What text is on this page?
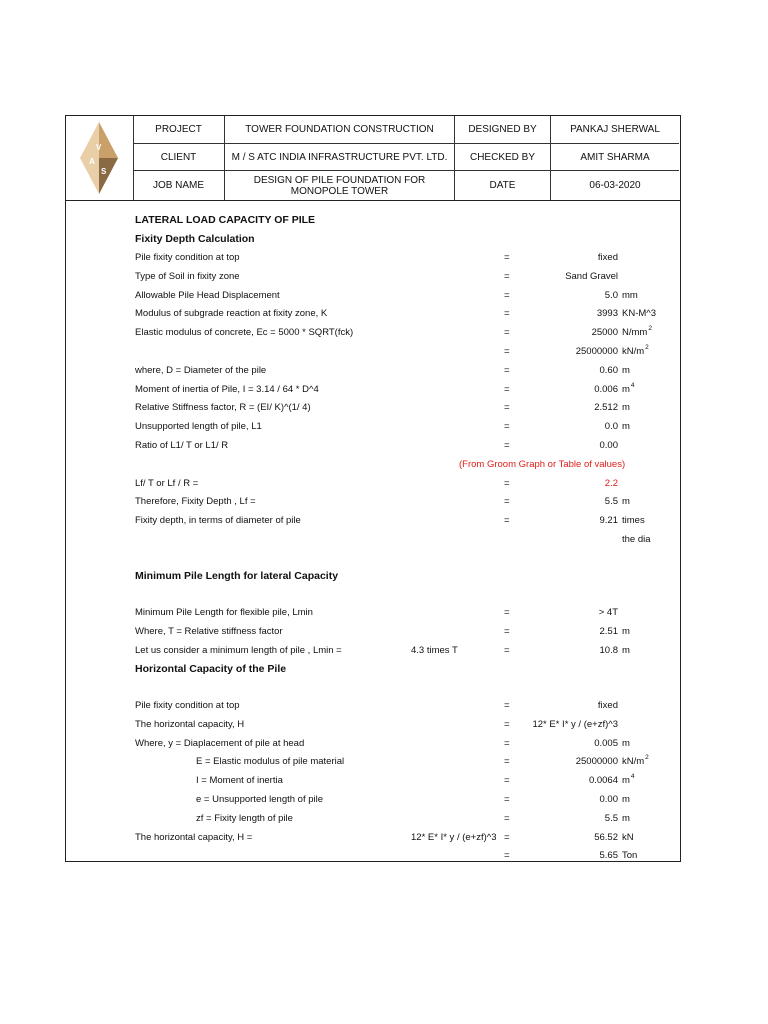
V
A
S
PROJECT	TOWER FOUNDATION CONSTRUCTION	DESIGNED BY	PANKAJ SHERWAL
CLIENT	M / S ATC INDIA INFRASTRUCTURE PVT. LTD.	CHECKED BY	AMIT SHARMA
JOB NAME	DESIGN OF PILE FOUNDATION FOR MONOPOLE TOWER	DATE	06-03-2020
LATERAL LOAD CAPACITY OF PILE
Fixity Depth Calculation
Pile fixity condition at top	=	fixed
Type of Soil in fixity zone	=	Sand Gravel
Allowable Pile Head Displacement	=	5.0 mm
Modulus of subgrade reaction at fixity zone, K	=	3993 KN-M^3
Elastic modulus of concrete, Ec = 5000 * SQRT(fck)	=	25000 N/mm 2
=	25000000 kN/m 2
where, D = Diameter of the pile	=	0.60 m
Moment of inertia of Pile, I = 3.14 / 64 * D^4	=	0.006 m 4
Relative Stiffness factor, R = (EI/ K)^(1/ 4)	=	2.512 m
Unsupported length of pile, L1	=	0.0 m
Ratio of L1/ T or L1/ R	=	0.00
(From Groom Graph or Table of values)
Lf/ T or Lf / R =	=	2.2
Therefore, Fixity Depth , Lf =	=	5.5 m
Fixity depth, in terms of diameter of pile	=	9.21 times
the dia
Minimum Pile Length for lateral Capacity
Minimum Pile Length for flexible pile, Lmin	=	> 4T
Where, T = Relative stiffness factor	=	2.51 m
Let us consider a minimum length of pile , Lmin =	4.3 times T	=	10.8 m
Horizontal Capacity of the Pile
Pile fixity condition at top	=	fixed
The horizontal capacity, H	= 12* E* I* y / (e+zf)^3
Where, y = Diaplacement of pile at head	=	0.005 m
E = Elastic modulus of pile material	=	25000000 kN/m 2
I = Moment of inertia	=	0.0064 m 4
e = Unsupported length of pile	=	0.00 m
zf = Fixity length of pile	=	5.5 m
The horizontal capacity, H =	12* E* I* y / (e+zf)^3 =	56.52 kN
=	5.65 Ton
